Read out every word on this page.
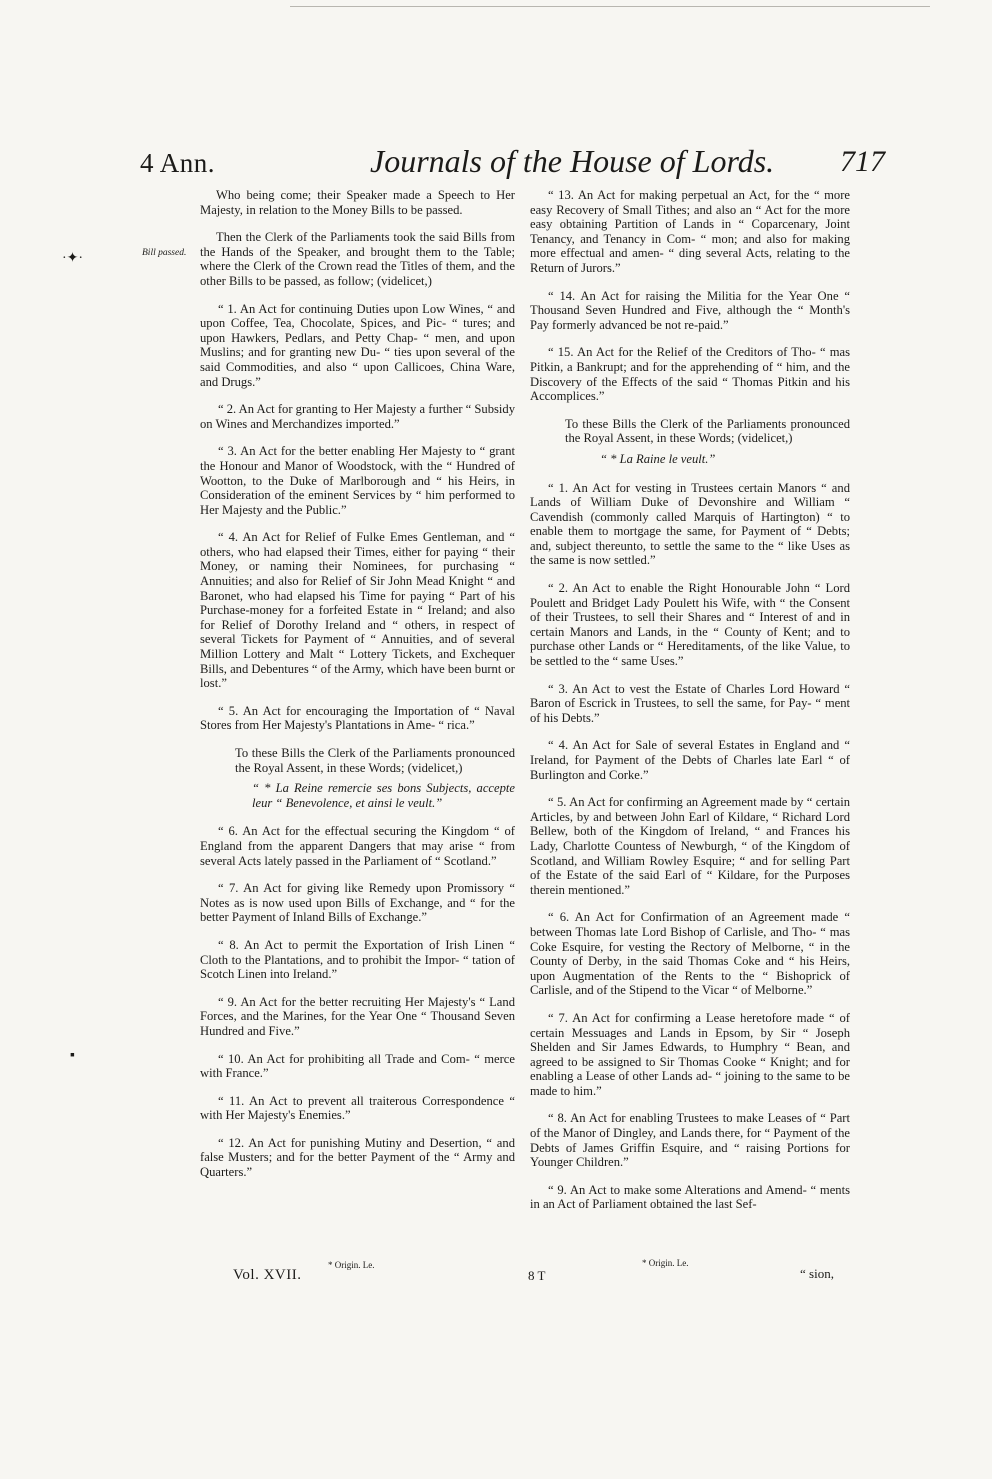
4 Ann.	Journals of the House of Lords. 717
Bill passed.
·✦·
▪

Who being come; their Speaker made a Speech to Her Majesty, in relation to the Money Bills to be passed.

Then the Clerk of the Parliaments took the said Bills from the Hands of the Speaker, and brought them to the Table; where the Clerk of the Crown read the Titles of them, and the other Bills to be passed, as follow; (videlicet,)

“ 1. An Act for continuing Duties upon Low Wines, “ and upon Coffee, Tea, Chocolate, Spices, and Pic- “ tures; and upon Hawkers, Pedlars, and Petty Chap- “ men, and upon Muslins; and for granting new Du- “ ties upon several of the said Commodities, and also “ upon Callicoes, China Ware, and Drugs.”

“ 2. An Act for granting to Her Majesty a further “ Subsidy on Wines and Merchandizes imported.”

“ 3. An Act for the better enabling Her Majesty to “ grant the Honour and Manor of Woodstock, with the “ Hundred of Wootton, to the Duke of Marlborough and “ his Heirs, in Consideration of the eminent Services by “ him performed to Her Majesty and the Public.”

“ 4. An Act for Relief of Fulke Emes Gentleman, and “ others, who had elapsed their Times, either for paying “ their Money, or naming their Nominees, for purchasing “ Annuities; and also for Relief of Sir John Mead Knight “ and Baronet, who had elapsed his Time for paying “ Part of his Purchase-money for a forfeited Estate in “ Ireland; and also for Relief of Dorothy Ireland and “ others, in respect of several Tickets for Payment of “ Annuities, and of several Million Lottery and Malt “ Lottery Tickets, and Exchequer Bills, and Debentures “ of the Army, which have been burnt or lost.”

“ 5. An Act for encouraging the Importation of “ Naval Stores from Her Majesty's Plantations in Ame- “ rica.”

To these Bills the Clerk of the Parliaments pronounced the Royal Assent, in these Words; (videlicet,)

“ * La Reine remercie ses bons Subjects, accepte leur “ Benevolence, et ainsi le veult.”

“ 6. An Act for the effectual securing the Kingdom “ of England from the apparent Dangers that may arise “ from several Acts lately passed in the Parliament of “ Scotland.”

“ 7. An Act for giving like Remedy upon Promissory “ Notes as is now used upon Bills of Exchange, and “ for the better Payment of Inland Bills of Exchange.”

“ 8. An Act to permit the Exportation of Irish Linen “ Cloth to the Plantations, and to prohibit the Impor- “ tation of Scotch Linen into Ireland.”

“ 9. An Act for the better recruiting Her Majesty's “ Land Forces, and the Marines, for the Year One “ Thousand Seven Hundred and Five.”

“ 10. An Act for prohibiting all Trade and Com- “ merce with France.”

“ 11. An Act to prevent all traiterous Correspondence “ with Her Majesty's Enemies.”

“ 12. An Act for punishing Mutiny and Desertion, “ and false Musters; and for the better Payment of the “ Army and Quarters.”

“ 13. An Act for making perpetual an Act, for the “ more easy Recovery of Small Tithes; and also an “ Act for the more easy obtaining Partition of Lands in “ Coparcenary, Joint Tenancy, and Tenancy in Com- “ mon; and also for making more effectual and amen- “ ding several Acts, relating to the Return of Jurors.”

“ 14. An Act for raising the Militia for the Year One “ Thousand Seven Hundred and Five, although the “ Month's Pay formerly advanced be not re-paid.”

“ 15. An Act for the Relief of the Creditors of Tho- “ mas Pitkin, a Bankrupt; and for the apprehending of “ him, and the Discovery of the Effects of the said “ Thomas Pitkin and his Accomplices.”

To these Bills the Clerk of the Parliaments pronounced the Royal Assent, in these Words; (videlicet,)

“ * La Raine le veult.”

“ 1. An Act for vesting in Trustees certain Manors “ and Lands of William Duke of Devonshire and William “ Cavendish (commonly called Marquis of Hartington) “ to enable them to mortgage the same, for Payment of “ Debts; and, subject thereunto, to settle the same to the “ like Uses as the same is now settled.”

“ 2. An Act to enable the Right Honourable John “ Lord Poulett and Bridget Lady Poulett his Wife, with “ the Consent of their Trustees, to sell their Shares and “ Interest of and in certain Manors and Lands, in the “ County of Kent; and to purchase other Lands or “ Hereditaments, of the like Value, to be settled to the “ same Uses.”

“ 3. An Act to vest the Estate of Charles Lord Howard “ Baron of Escrick in Trustees, to sell the same, for Pay- “ ment of his Debts.”

“ 4. An Act for Sale of several Estates in England and “ Ireland, for Payment of the Debts of Charles late Earl “ of Burlington and Corke.”

“ 5. An Act for confirming an Agreement made by “ certain Articles, by and between John Earl of Kildare, “ Richard Lord Bellew, both of the Kingdom of Ireland, “ and Frances his Lady, Charlotte Countess of Newburgh, “ of the Kingdom of Scotland, and William Rowley Esquire; “ and for selling Part of the Estate of the said Earl of “ Kildare, for the Purposes therein mentioned.”

“ 6. An Act for Confirmation of an Agreement made “ between Thomas late Lord Bishop of Carlisle, and Tho- “ mas Coke Esquire, for vesting the Rectory of Melborne, “ in the County of Derby, in the said Thomas Coke and “ his Heirs, upon Augmentation of the Rents to the “ Bishoprick of Carlisle, and of the Stipend to the Vicar “ of Melborne.”

“ 7. An Act for confirming a Lease heretofore made “ of certain Messuages and Lands in Epsom, by Sir “ Joseph Shelden and Sir James Edwards, to Humphry “ Bean, and agreed to be assigned to Sir Thomas Cooke “ Knight; and for enabling a Lease of other Lands ad- “ joining to the same to be made to him.”

“ 8. An Act for enabling Trustees to make Leases of “ Part of the Manor of Dingley, and Lands there, for “ Payment of the Debts of James Griffin Esquire, and “ raising Portions for Younger Children.”

“ 9. An Act to make some Alterations and Amend- “ ments in an Act of Parliament obtained the last Sef-

Vol. XVII.
* Origin. Le.
8 T
* Origin. Le.
“ sion,
